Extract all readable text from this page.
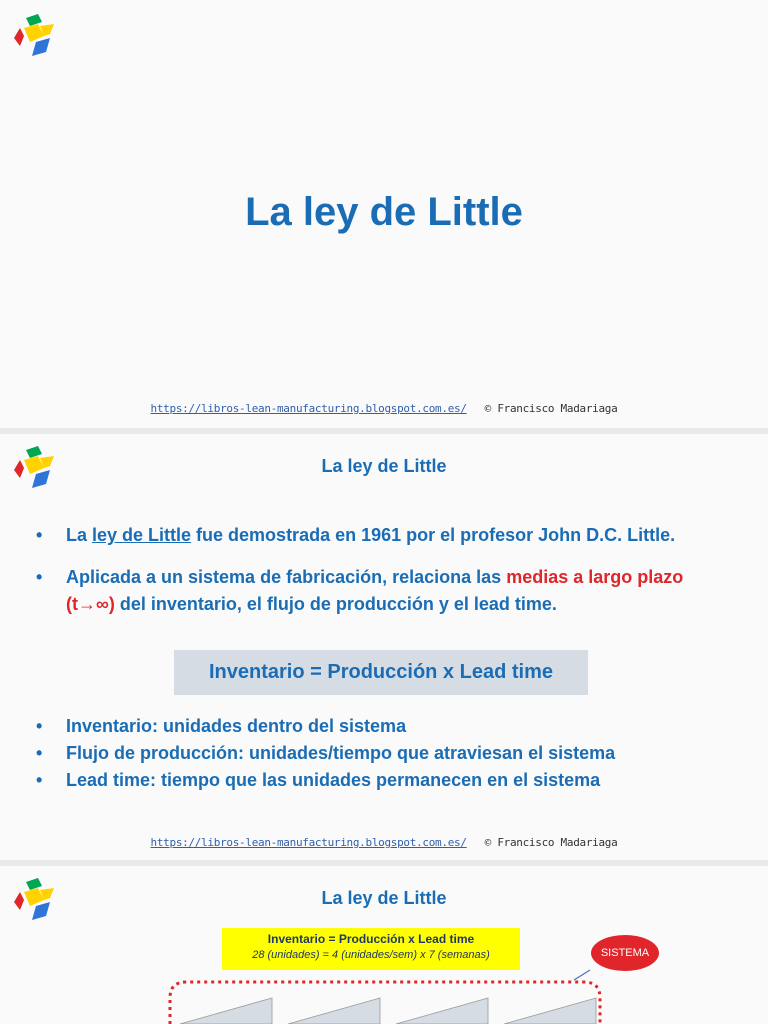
La ley de Little
https://libros-lean-manufacturing.blogspot.com.es/ © Francisco Madariaga
La ley de Little
• La ley de Little fue demostrada en 1961 por el profesor John D.C. Little.
• Aplicada a un sistema de fabricación, relaciona las medias a largo plazo
(t→∞) del inventario, el flujo de producción y el lead time.
Inventario = Producción x Lead time
• Inventario: unidades dentro del sistema
• Flujo de producción: unidades/tiempo que atraviesan el sistema
• Lead time: tiempo que las unidades permanecen en el sistema
https://libros-lean-manufacturing.blogspot.com.es/ © Francisco Madariaga
La ley de Little
Inventario = Producción x Lead time
28 (unidades) = 4 (unidades/sem) x 7 (semanas)	SISTEMA
